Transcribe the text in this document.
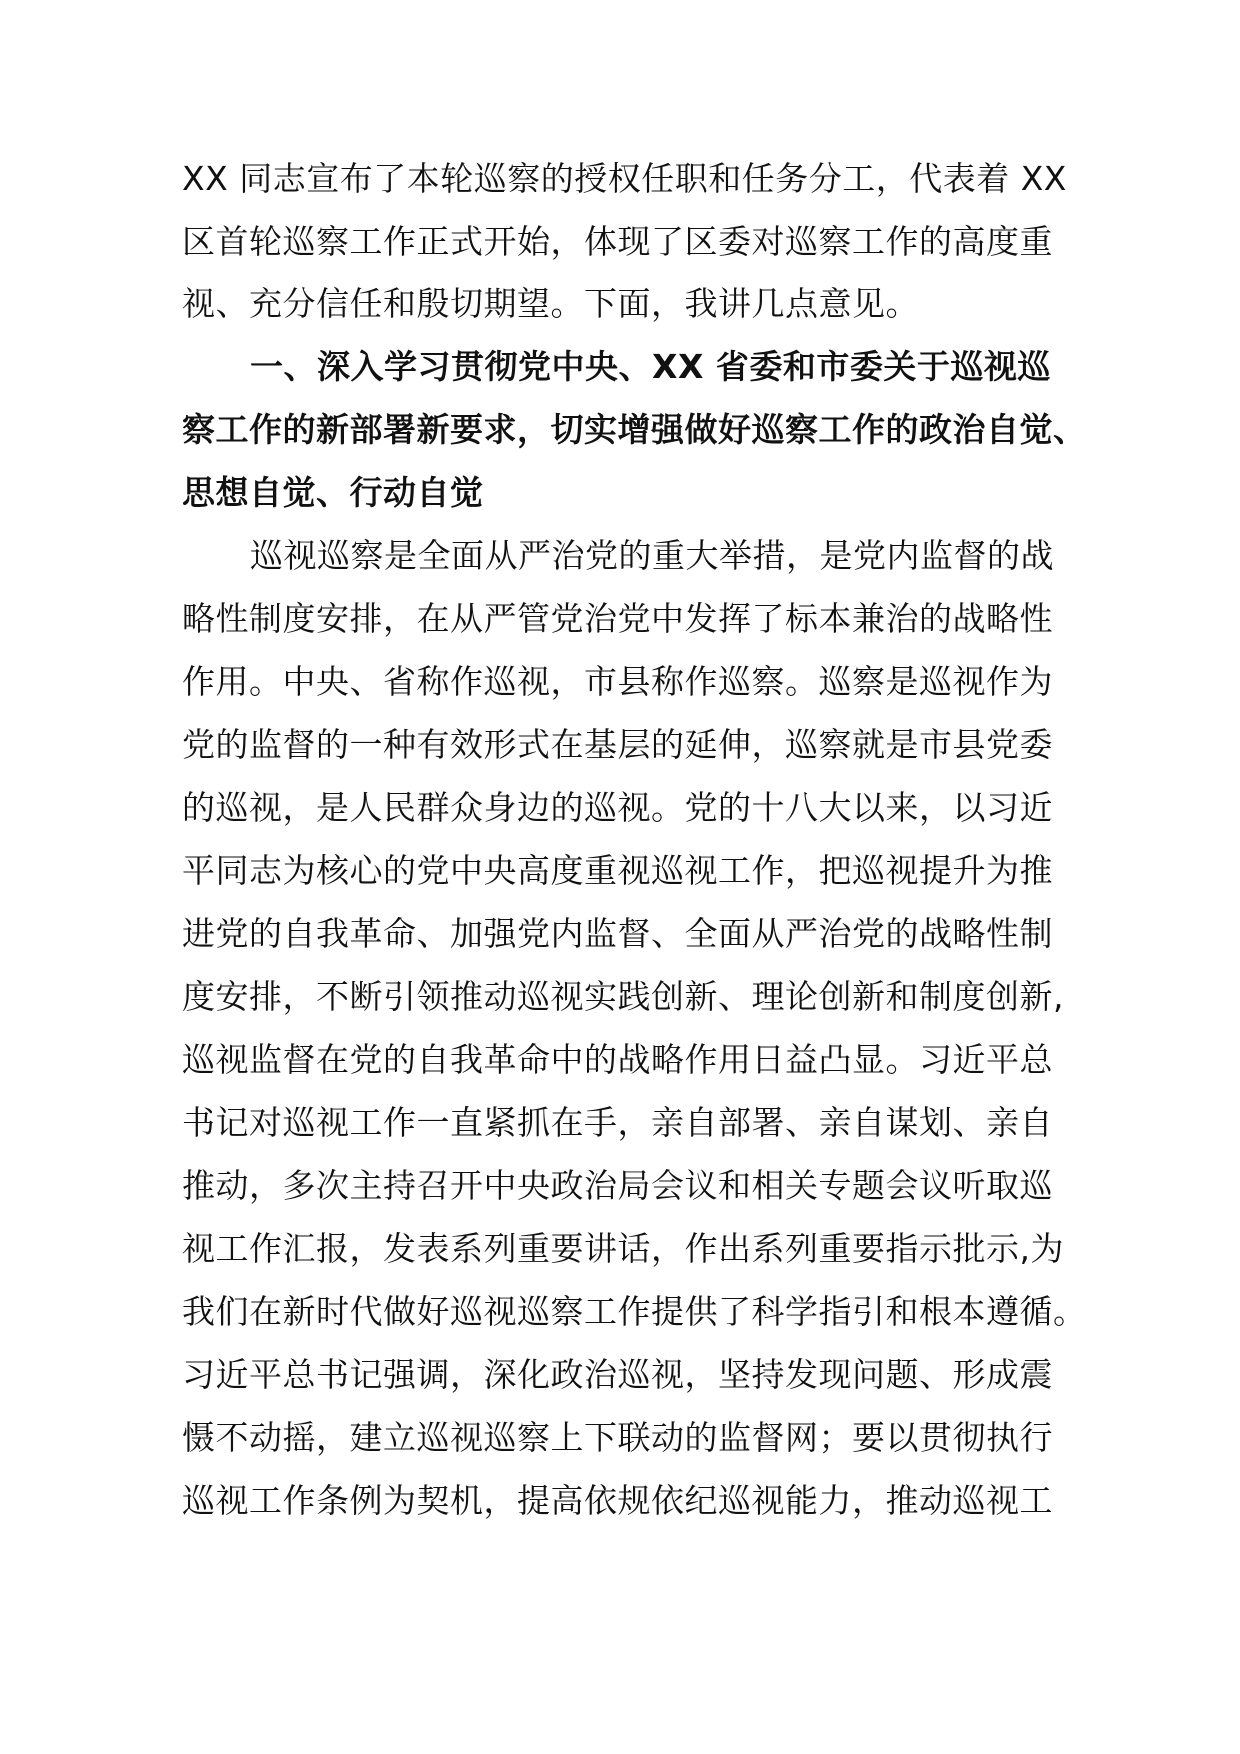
XX 同志宣布了本轮巡察的授权任职和任务分工，代表着 XX
区首轮巡察工作正式开始，体现了区委对巡察工作的高度重
视、充分信任和殷切期望。下面，我讲几点意见。
一、深入学习贯彻党中央、XX 省委和市委关于巡视巡
察工作的新部署新要求，切实增强做好巡察工作的政治自觉、
思想自觉、行动自觉
巡视巡察是全面从严治党的重大举措，是党内监督的战
略性制度安排，在从严管党治党中发挥了标本兼治的战略性
作用。中央、省称作巡视，市县称作巡察。巡察是巡视作为
党的监督的一种有效形式在基层的延伸，巡察就是市县党委
的巡视，是人民群众身边的巡视。党的十八大以来，以习近
平同志为核心的党中央高度重视巡视工作，把巡视提升为推
进党的自我革命、加强党内监督、全面从严治党的战略性制
度安排，不断引领推动巡视实践创新、理论创新和制度创新,
巡视监督在党的自我革命中的战略作用日益凸显。习近平总
书记对巡视工作一直紧抓在手，亲自部署、亲自谋划、亲自
推动，多次主持召开中央政治局会议和相关专题会议听取巡
视工作汇报，发表系列重要讲话，作出系列重要指示批示,为
我们在新时代做好巡视巡察工作提供了科学指引和根本遵循。
习近平总书记强调，深化政治巡视，坚持发现问题、形成震
慑不动摇，建立巡视巡察上下联动的监督网；要以贯彻执行
巡视工作条例为契机，提高依规依纪巡视能力，推动巡视工
